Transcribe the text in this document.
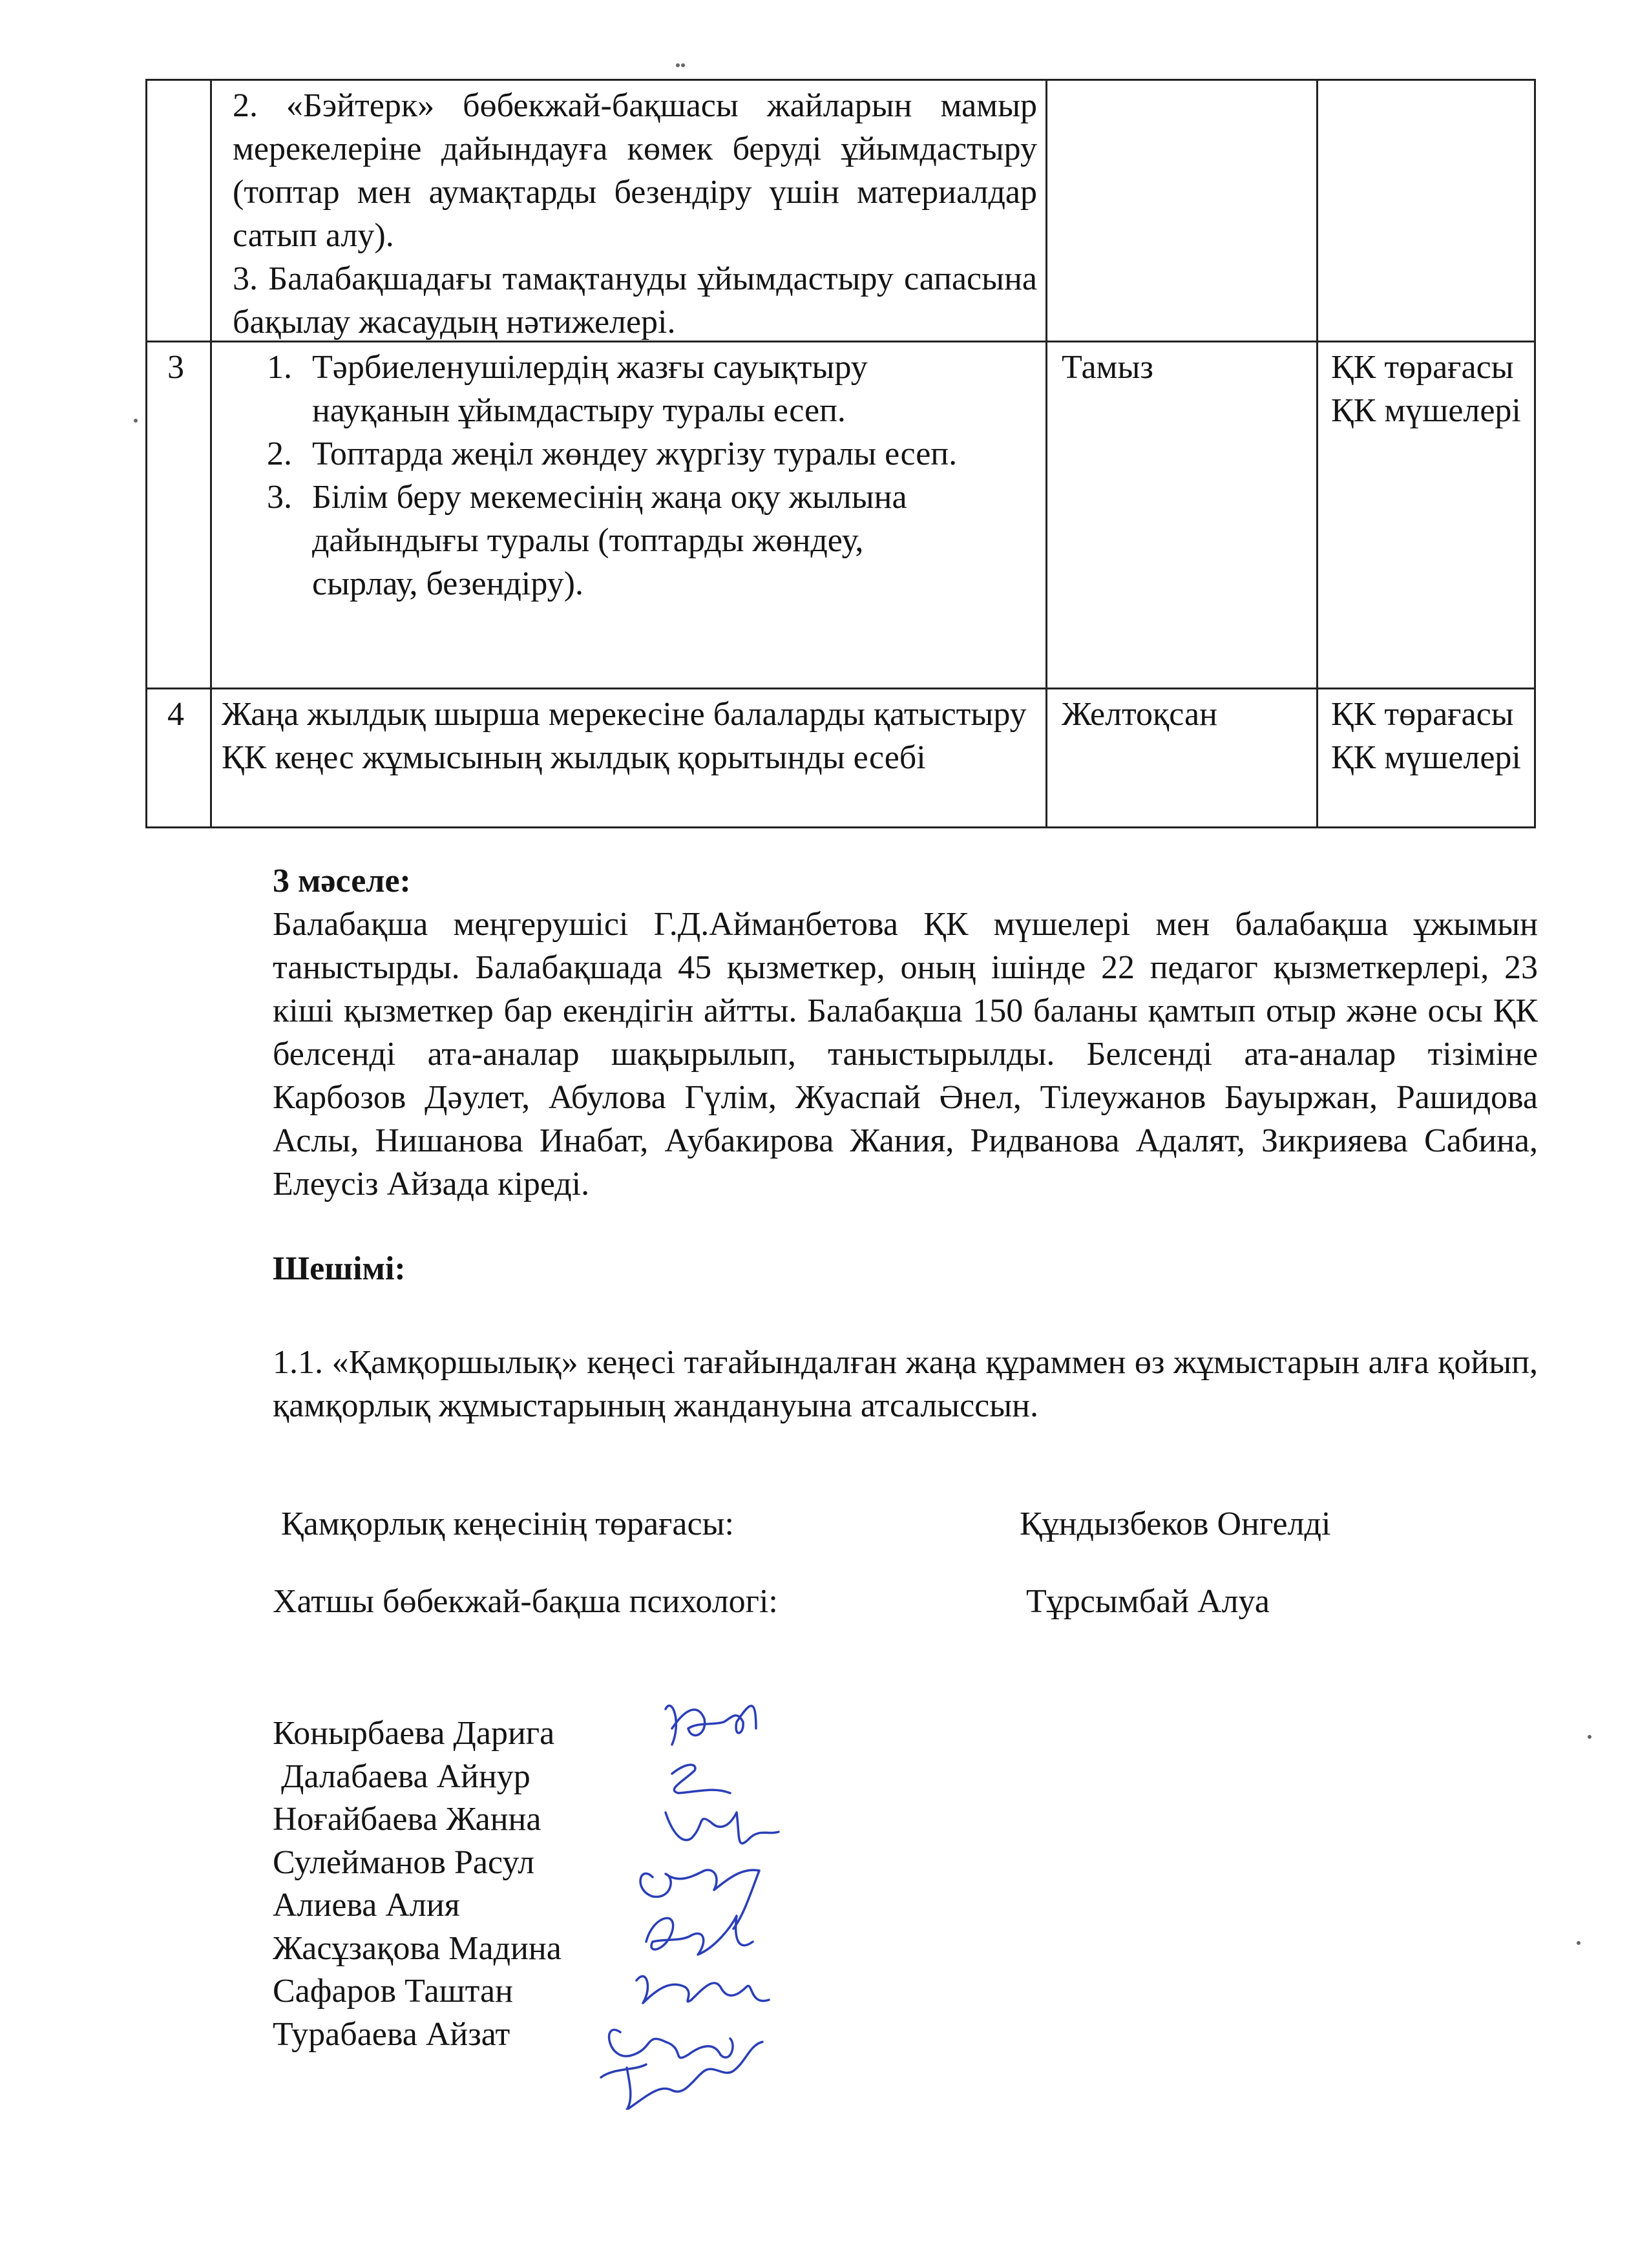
2. «Бэйтерк» бөбекжай-бақшасы жайларын мамыр мерекелеріне дайындауға көмек беруді ұйымдастыру (топтар мен аумақтарды безендіру үшін материалдар сатып алу).

3. Балабақшадағы тамақтануды ұйымдастыру сапасына бақылау жасаудың нәтижелері.

3
1.	Тәрбиеленушілердің жазғы сауықтыру науқанын ұйымдастыру туралы есеп.
2. Топтарда жеңіл жөндеу жүргізу туралы есеп.
3. Білім беру мекемесінің жаңа оқу жылына дайындығы туралы (топтарды жөндеу, сырлау, безендіру).
Тамыз	ҚК төрағасы

ҚК мүшелері

4 Жаңа жылдық шырша мерекесіне балаларды қатыстыру

ҚК кеңес жұмысының жылдық қорытынды есебі

Желтоқсан	ҚК төрағасы

ҚК мүшелері

3 мәселе:

Балабақша меңгерушісі Г.Д.Айманбетова ҚК мүшелері мен балабақша ұжымын таныстырды. Балабақшада 45 қызметкер, оның ішінде 22 педагог қызметкерлері, 23 кіші қызметкер бар екендігін айтты. Балабақша 150 баланы қамтып отыр және осы ҚК белсенді ата-аналар шақырылып, таныстырылды. Белсенді ата-аналар тізіміне Карбозов Дәулет, Абулова Гүлім, Жуаспай Әнел, Тілеужанов Бауыржан, Рашидова Аслы, Нишанова Инабат, Аубакирова Жания, Ридванова Адалят, Зикрияева Сабина, Елеусіз Айзада кіреді.

Шешімі:

1.1. «Қамқоршылық» кеңесі тағайындалған жаңа құраммен өз жұмыстарын алға қойып, қамқорлық жұмыстарының жандануына атсалыссын.
Қамқорлық кеңесінің төрағасы:	Құндызбеков Онгелді
Хатшы бөбекжай-бақша психологі:	Тұрсымбай Алуа
Конырбаева Дарига
Далабаева Айнур
Ноғайбаева Жанна
Сулейманов Расул
Алиева Алия
Жасұзақова Мадина
Сафаров Таштан
Турабаева Айзат
